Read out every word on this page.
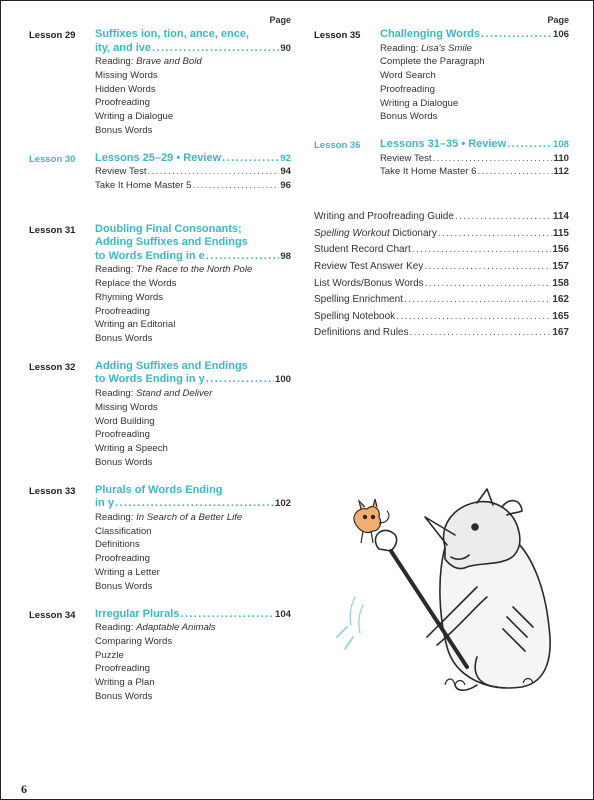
Page
Lesson 29	Suffixes ion, tion, ance, ence,
ity, and ive .....	90
Reading: Brave and Bold
Missing Words
Hidden Words
Proofreading
Writing a Dialogue
Bonus Words
Lesson 30	Lessons 25–29 • Review .....	92
Review Test .....	94
Take It Home Master 5 .....	96
Lesson 31	Doubling Final Consonants;
Adding Suffixes and Endings
to Words Ending in e .....	98
Reading: The Race to the North Pole
Replace the Words
Rhyming Words
Proofreading
Writing an Editorial
Bonus Words
Lesson 32	Adding Suffixes and Endings
to Words Ending in y .....	100
Reading: Stand and Deliver
Missing Words
Word Building
Proofreading
Writing a Speech
Bonus Words
Lesson 33	Plurals of Words Ending
in y .....	102
Reading: In Search of a Better Life
Classification
Definitions
Proofreading
Writing a Letter
Bonus Words
Lesson 34	Irregular Plurals .....	104
Reading: Adaptable Animals
Comparing Words
Puzzle
Proofreading
Writing a Plan
Bonus Words
Page
Lesson 35	Challenging Words .....	106
Reading: Lisa's Smile
Complete the Paragraph
Word Search
Proofreading
Writing a Dialogue
Bonus Words
Lesson 36	Lessons 31–35 • Review .....	108
Review Test .....	110
Take It Home Master 6 .....	112
Writing and Proofreading Guide .....	114
Spelling Workout Dictionary .....	115
Student Record Chart .....	156
Review Test Answer Key .....	157
List Words/Bonus Words .....	158
Spelling Enrichment .....	162
Spelling Notebook .....	165
Definitions and Rules .....	167
6
